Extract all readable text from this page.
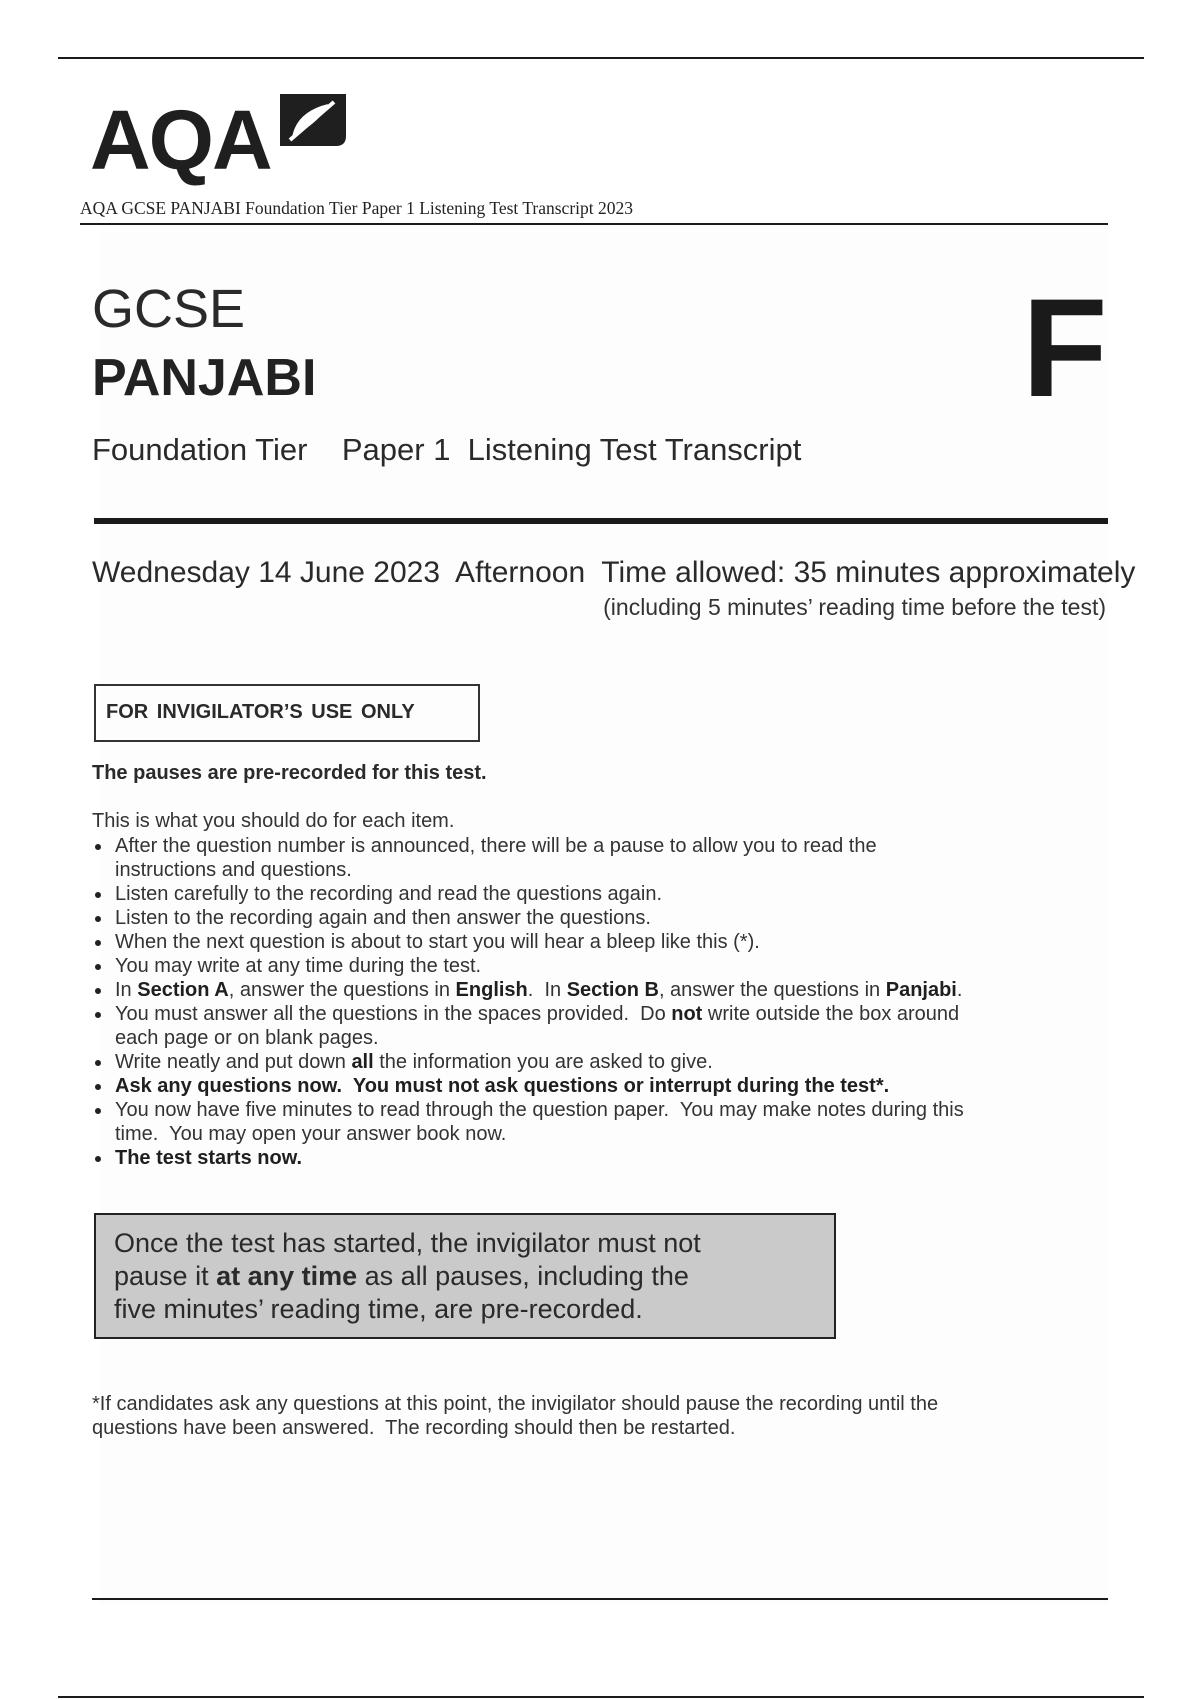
AQA
AQA GCSE PANJABI Foundation Tier Paper 1 Listening Test Transcript 2023
GCSE
PANJABI	F
Foundation Tier    Paper 1  Listening Test Transcript
Wednesday 14 June 2023  Afternoon  Time allowed: 35 minutes approximately
(including 5 minutes’ reading time before the test)
FOR INVIGILATOR’S USE ONLY
The pauses are pre-recorded for this test.
This is what you should do for each item.
After the question number is announced, there will be a pause to allow you to read the
instructions and questions.
Listen carefully to the recording and read the questions again.
Listen to the recording again and then answer the questions.
When the next question is about to start you will hear a bleep like this (*).
You may write at any time during the test.
In Section A, answer the questions in English.  In Section B, answer the questions in Panjabi.
You must answer all the questions in the spaces provided.  Do not write outside the box around
each page or on blank pages.
Write neatly and put down all the information you are asked to give.
Ask any questions now.  You must not ask questions or interrupt during the test*.
You now have five minutes to read through the question paper.  You may make notes during this
time.  You may open your answer book now.
The test starts now.
Once the test has started, the invigilator must not
pause it at any time as all pauses, including the
five minutes’ reading time, are pre-recorded.
*If candidates ask any questions at this point, the invigilator should pause the recording until the
questions have been answered.  The recording should then be restarted.
